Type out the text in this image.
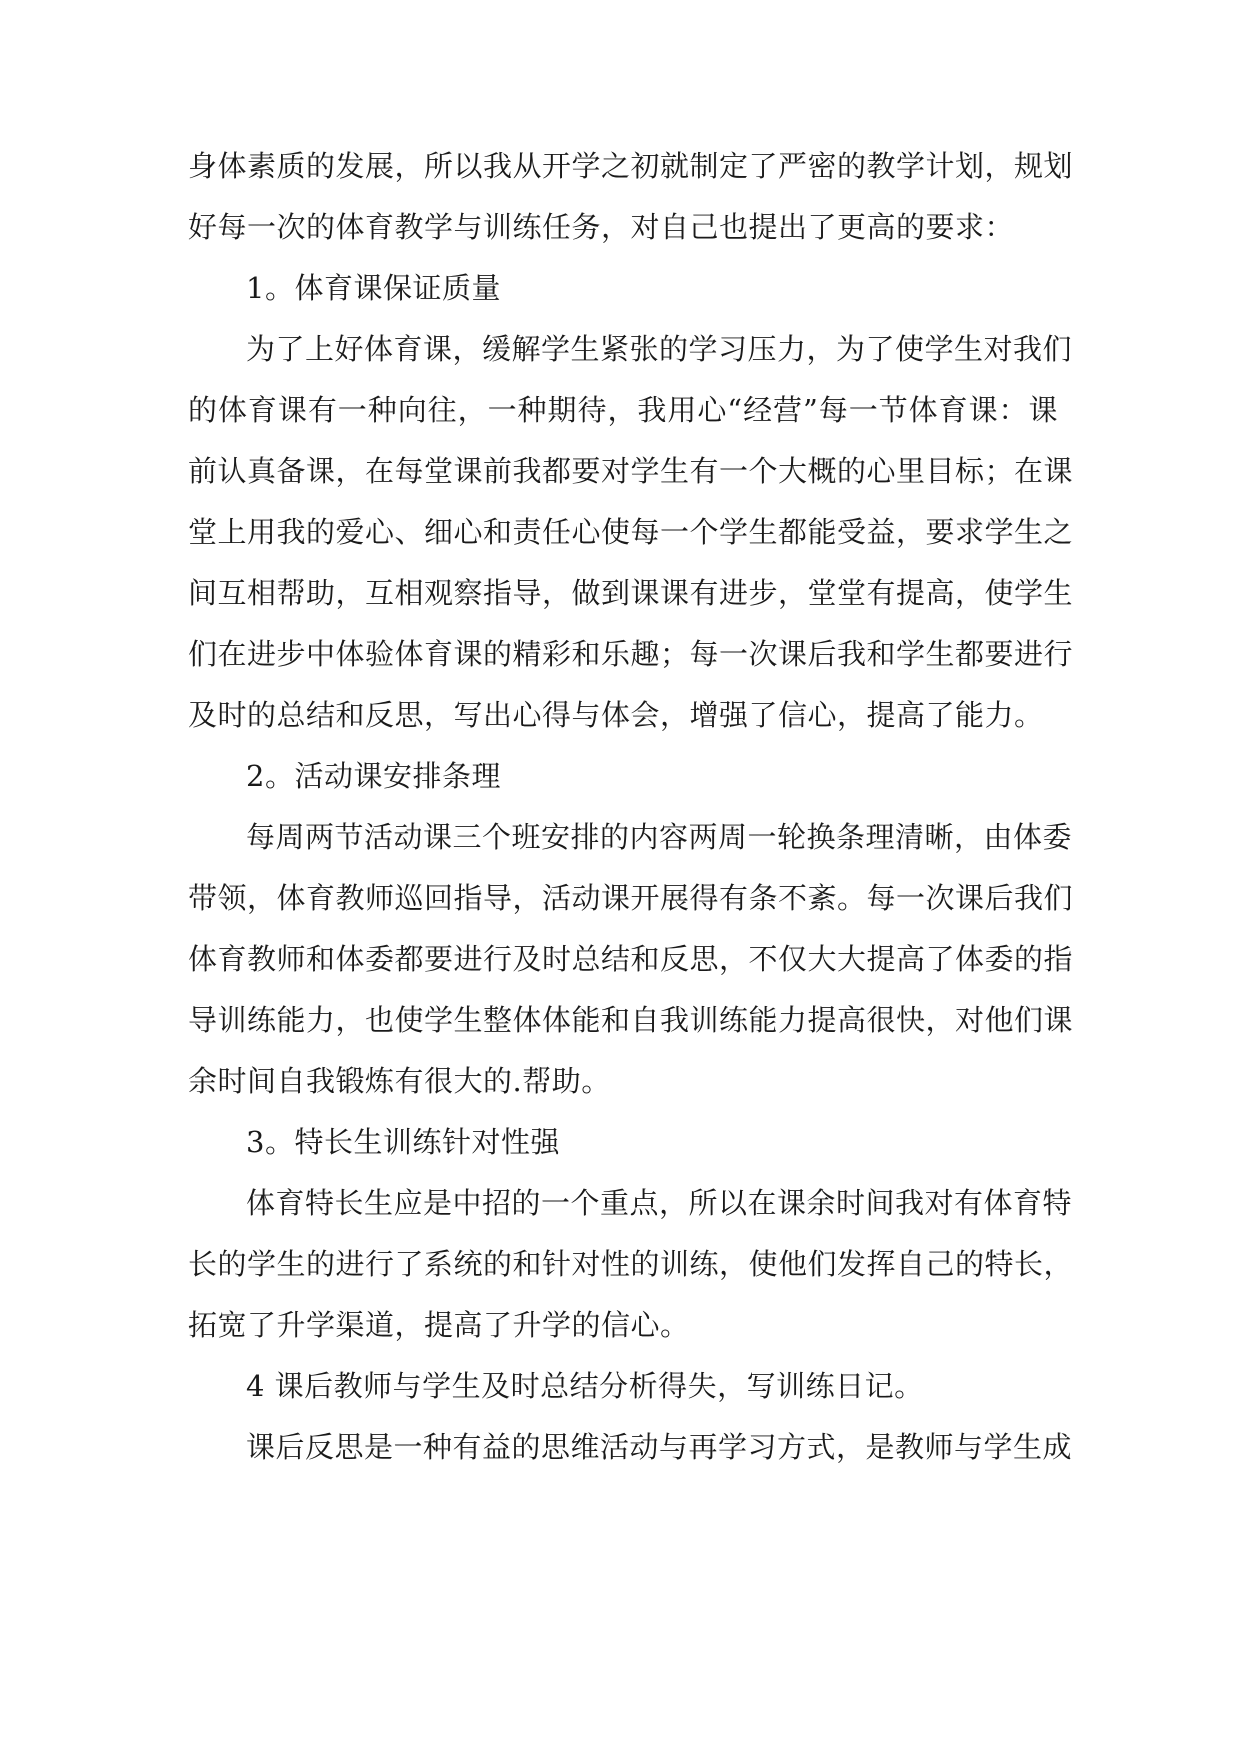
身体素质的发展，所以我从开学之初就制定了严密的教学计划，规划
好每一次的体育教学与训练任务，对自己也提出了更高的要求：
1。体育课保证质量
为了上好体育课，缓解学生紧张的学习压力，为了使学生对我们
的体育课有一种向往，一种期待，我用心“经营”每一节体育课：课
前认真备课，在每堂课前我都要对学生有一个大概的心里目标；在课
堂上用我的爱心、细心和责任心使每一个学生都能受益，要求学生之
间互相帮助，互相观察指导，做到课课有进步，堂堂有提高，使学生
们在进步中体验体育课的精彩和乐趣；每一次课后我和学生都要进行
及时的总结和反思，写出心得与体会，增强了信心，提高了能力。
2。活动课安排条理
每周两节活动课三个班安排的内容两周一轮换条理清晰，由体委
带领，体育教师巡回指导，活动课开展得有条不紊。每一次课后我们
体育教师和体委都要进行及时总结和反思，不仅大大提高了体委的指
导训练能力，也使学生整体体能和自我训练能力提高很快，对他们课
余时间自我锻炼有很大的.帮助。
3。特长生训练针对性强
体育特长生应是中招的一个重点，所以在课余时间我对有体育特
长的学生的进行了系统的和针对性的训练，使他们发挥自己的特长，
拓宽了升学渠道，提高了升学的信心。
4 课后教师与学生及时总结分析得失，写训练日记。
课后反思是一种有益的思维活动与再学习方式，是教师与学生成
